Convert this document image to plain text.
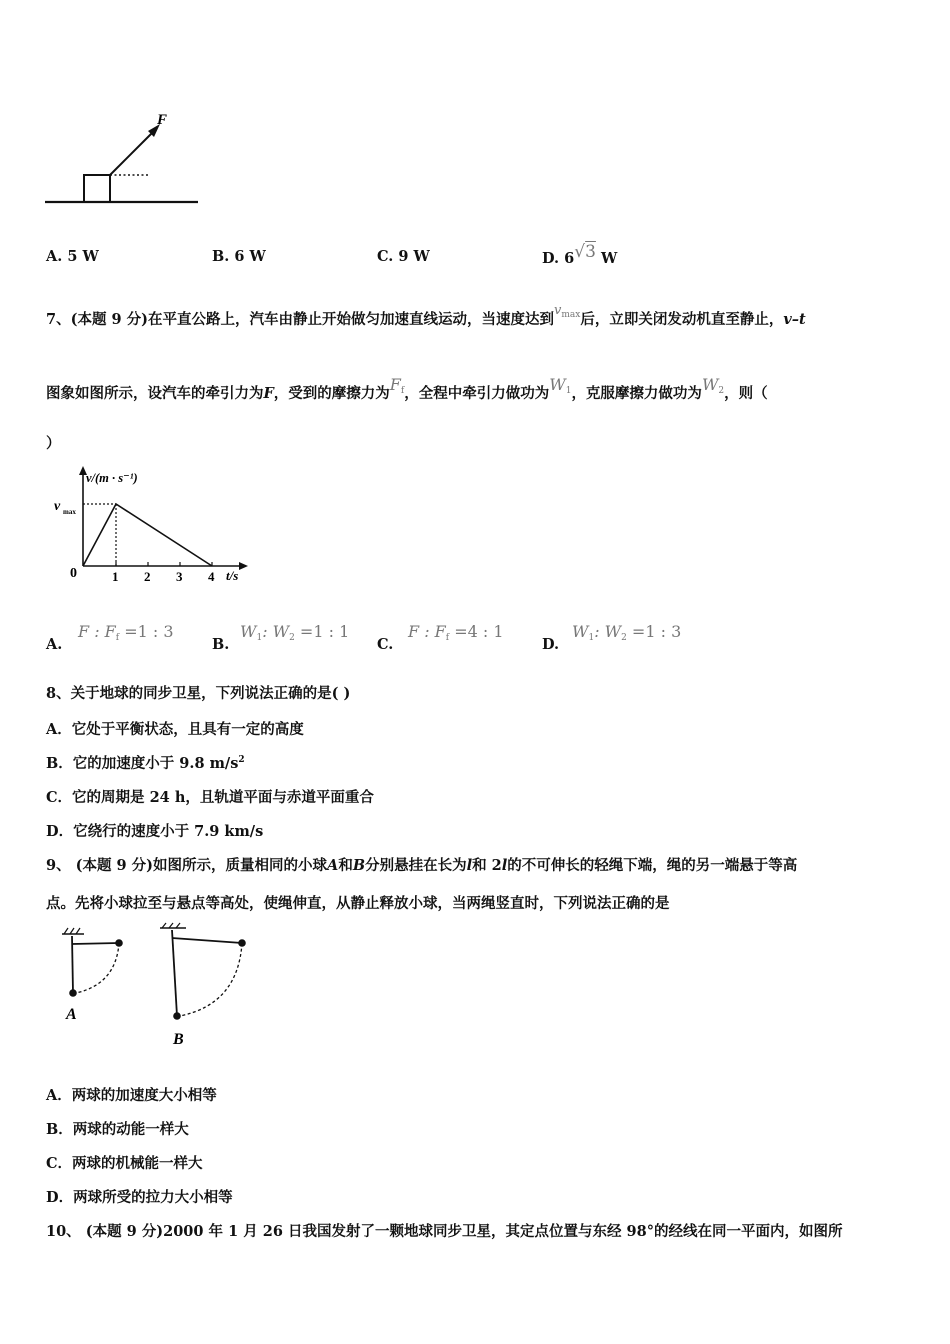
F
A. 5 W	B. 6 W	C. 9 W	D. 6√3 W
7、(本题 9 分)在平直公路上，汽车由静止开始做匀加速直线运动，当速度达到$v_{max}$后，立即关闭发动机直至静止，v–t
图象如图所示，设汽车的牵引力为F，受到的摩擦力为$F_f$，全程中牵引力做功为$W_1$，克服摩擦力做功为$W_2$，则（
）
v/(m · s⁻¹)
v max
0	1 2 3 4 t/s
A.
F : $F_f =1$ : 3
B.
$W_1$: $W_2 =1$ : 1
C.
F : $F_f =4$ : 1
D.
$W_1$: $W_2 =1$ : 3
8、关于地球的同步卫星，下列说法正确的是( )
A．它处于平衡状态，且具有一定的高度
B．它的加速度小于 9.8 $m/s^2$
C．它的周期是 24 h，且轨道平面与赤道平面重合
D．它绕行的速度小于 7.9 km/s
9、 (本题 9 分)如图所示，质量相同的小球A和B分别悬挂在长为l和 2l的不可伸长的轻绳下端，绳的另一端悬于等高
点。先将小球拉至与悬点等高处，使绳伸直，从静止释放小球，当两绳竖直时，下列说法正确的是
A
B
A．两球的加速度大小相等
B．两球的动能一样大
C．两球的机械能一样大
D．两球所受的拉力大小相等
10、 (本题 9 分)2000 年 1 月 26 日我国发射了一颗地球同步卫星，其定点位置与东经 98°的经线在同一平面内，如图所
